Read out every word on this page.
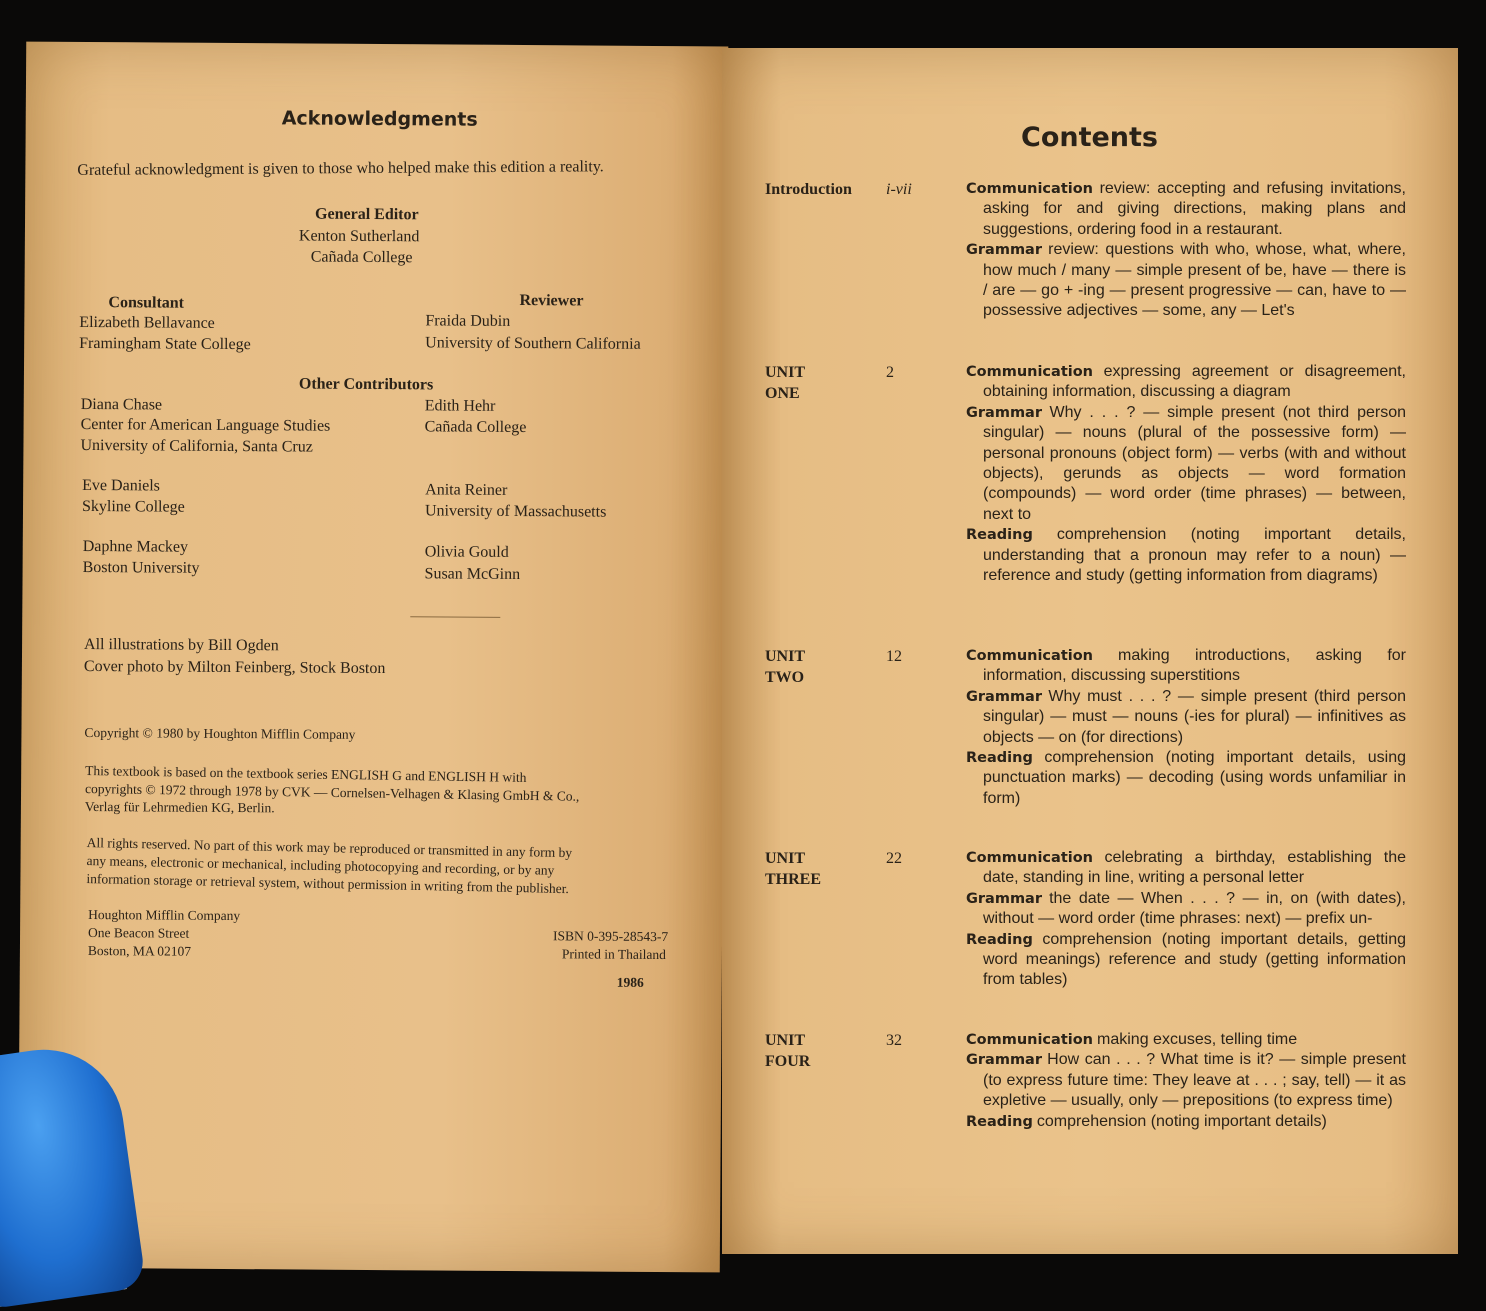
Acknowledgments
Grateful acknowledgment is given to those who helped make this edition a reality.
General Editor
Kenton Sutherland
Cañada College
Consultant
Elizabeth Bellavance
Framingham State College
Reviewer
Fraida Dubin
University of Southern California
Other Contributors
Diana Chase
Center for American Language Studies
University of California, Santa Cruz
Edith Hehr
Cañada College
Eve Daniels
Skyline College
Anita Reiner
University of Massachusetts
Daphne Mackey
Boston University
Olivia Gould
Susan McGinn
All illustrations by Bill Ogden
Cover photo by Milton Feinberg, Stock Boston
Copyright © 1980 by Houghton Mifflin Company
This textbook is based on the textbook series ENGLISH G and ENGLISH H with
copyrights © 1972 through 1978 by CVK — Cornelsen-Velhagen & Klasing GmbH & Co.,
Verlag für Lehrmedien KG, Berlin.
All rights reserved. No part of this work may be reproduced or transmitted in any form by
any means, electronic or mechanical, including photocopying and recording, or by any
information storage or retrieval system, without permission in writing from the publisher.
Houghton Mifflin Company
One Beacon Street
Boston, MA 02107
ISBN 0-395-28543-7
Printed in Thailand
1986
Contents
Introduction i-vii	Communication review: accepting and refusing invitations, asking for and giving directions, making plans and suggestions, ordering food in a restaurant.

Grammar review: questions with who, whose, what, where, how much / many — simple present of be, have — there is / are — go + -ing — present progressive — can, have to — possessive adjectives — some, any — Let's

UNIT
ONE
2	Communication expressing agreement or disagreement, obtaining information, discussing a diagram

Grammar Why . . . ? — simple present (not third person singular) — nouns (plural of the possessive form) — personal pronouns (object form) — verbs (with and without objects), gerunds as objects — word formation (compounds) — word order (time phrases) — between, next to

Reading comprehension (noting important details, understanding that a pronoun may refer to a noun) — reference and study (getting information from diagrams)

UNIT
TWO
12	Communication making introductions, asking for information, discussing superstitions

Grammar Why must . . . ? — simple present (third person singular) — must — nouns (-ies for plural) — infinitives as objects — on (for directions)

Reading comprehension (noting important details, using punctuation marks) — decoding (using words unfamiliar in form)

UNIT
THREE
22	Communication celebrating a birthday, establishing the date, standing in line, writing a personal letter

Grammar the date — When . . . ? — in, on (with dates), without — word order (time phrases: next) — prefix un-

Reading comprehension (noting important details, getting word meanings) reference and study (getting information from tables)

UNIT
FOUR
32	Communication making excuses, telling time

Grammar How can . . . ? What time is it? — simple present (to express future time: They leave at . . . ; say, tell) — it as expletive — usually, only — prepositions (to express time)

Reading comprehension (noting important details)
